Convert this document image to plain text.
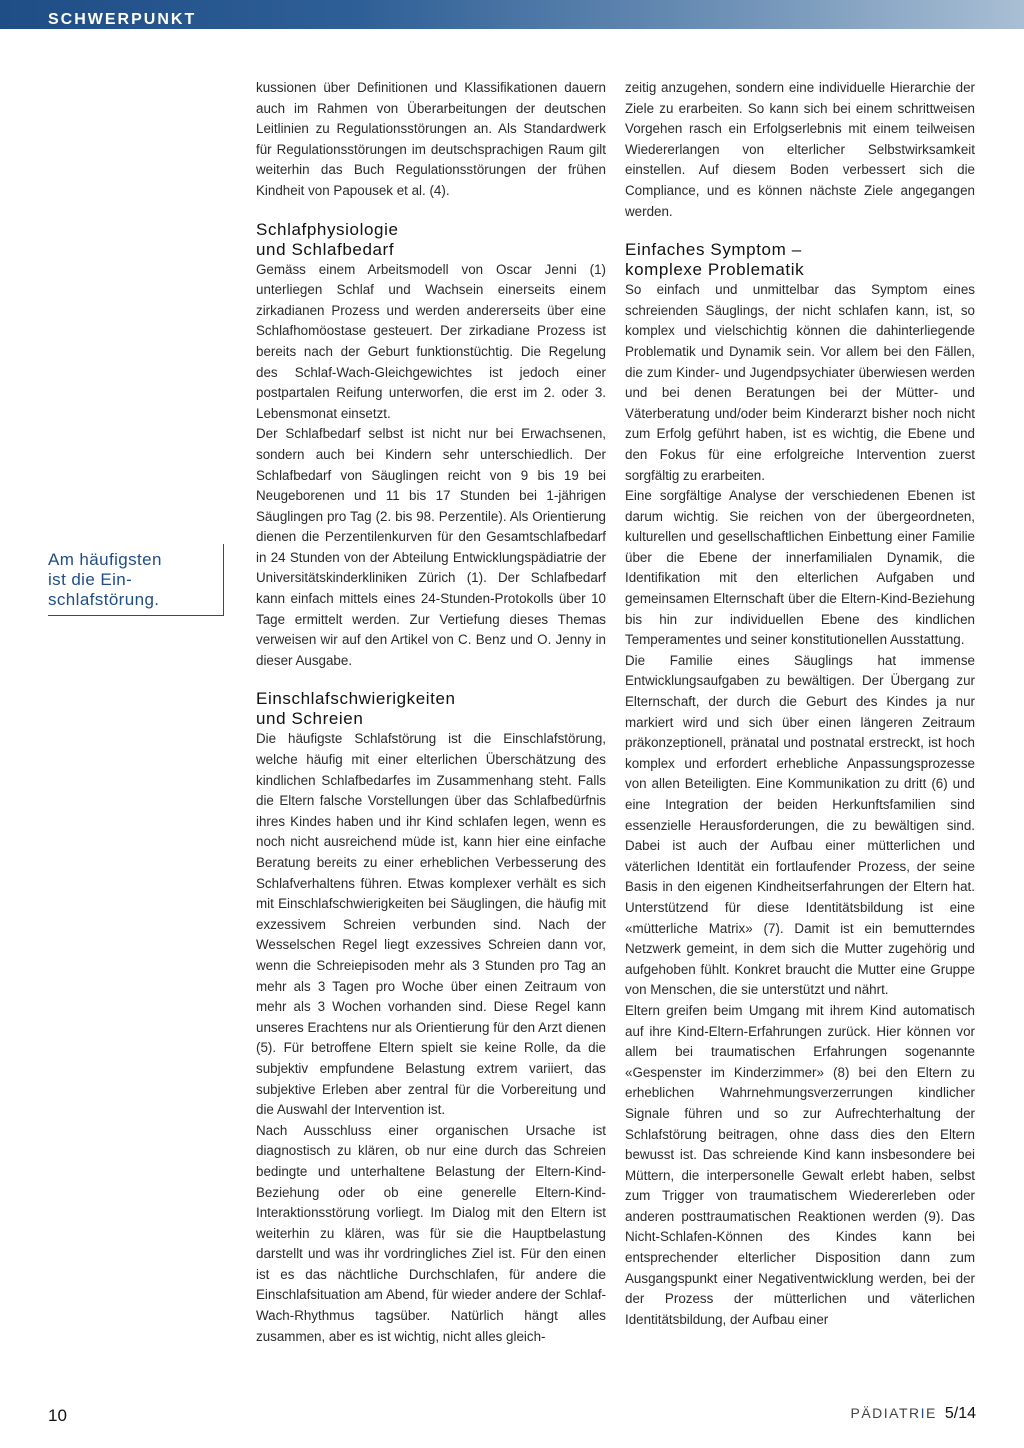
SCHWERPUNKT
Am häufigsten
ist die Ein-
schlafstörung.

kussionen über Definitionen und Klassifikationen dauern auch im Rahmen von Überarbeitungen der deutschen Leitlinien zu Regulationsstörungen an. Als Standardwerk für Regulationsstörungen im deutschsprachigen Raum gilt weiterhin das Buch Regulationsstörungen der frühen Kindheit von Papousek et al. (4).

Schlafphysiologie
und Schlafbedarf

Gemäss einem Arbeitsmodell von Oscar Jenni (1) unterliegen Schlaf und Wachsein einerseits einem zirkadianen Prozess und werden andererseits über eine Schlafhomöostase gesteuert. Der zirkadiane Prozess ist bereits nach der Geburt funktionstüchtig. Die Regelung des Schlaf-Wach-Gleichgewichtes ist jedoch einer postpartalen Reifung unterworfen, die erst im 2. oder 3. Lebensmonat einsetzt.

Der Schlafbedarf selbst ist nicht nur bei Erwachsenen, sondern auch bei Kindern sehr unterschiedlich. Der Schlafbedarf von Säuglingen reicht von 9 bis 19 bei Neugeborenen und 11 bis 17 Stunden bei 1-jährigen Säuglingen pro Tag (2. bis 98. Perzentile). Als Orientierung dienen die Perzentilenkurven für den Gesamtschlafbedarf in 24 Stunden von der Abteilung Entwicklungspädiatrie der Universitätskinderkliniken Zürich (1). Der Schlafbedarf kann einfach mittels eines 24-Stunden-Protokolls über 10 Tage ermittelt werden. Zur Vertiefung dieses Themas verweisen wir auf den Artikel von C. Benz und O. Jenny in dieser Ausgabe.

Einschlafschwierigkeiten
und Schreien

Die häufigste Schlafstörung ist die Einschlafstörung, welche häufig mit einer elterlichen Überschätzung des kindlichen Schlafbedarfes im Zusammenhang steht. Falls die Eltern falsche Vorstellungen über das Schlafbedürfnis ihres Kindes haben und ihr Kind schlafen legen, wenn es noch nicht ausreichend müde ist, kann hier eine einfache Beratung bereits zu einer erheblichen Verbesserung des Schlafverhaltens führen. Etwas komplexer verhält es sich mit Einschlafschwierigkeiten bei Säuglingen, die häufig mit exzessivem Schreien verbunden sind. Nach der Wesselschen Regel liegt exzessives Schreien dann vor, wenn die Schreiepisoden mehr als 3 Stunden pro Tag an mehr als 3 Tagen pro Woche über einen Zeitraum von mehr als 3 Wochen vorhanden sind. Diese Regel kann unseres Erachtens nur als Orientierung für den Arzt dienen (5). Für betroffene Eltern spielt sie keine Rolle, da die subjektiv empfundene Belastung extrem variiert, das subjektive Erleben aber zentral für die Vorbereitung und die Auswahl der Intervention ist.

Nach Ausschluss einer organischen Ursache ist diagnostisch zu klären, ob nur eine durch das Schreien bedingte und unterhaltene Belastung der Eltern-Kind-Beziehung oder ob eine generelle Eltern-Kind-Interaktionsstörung vorliegt. Im Dialog mit den Eltern ist weiterhin zu klären, was für sie die Hauptbelastung darstellt und was ihr vordringliches Ziel ist. Für den einen ist es das nächtliche Durchschlafen, für andere die Einschlafsituation am Abend, für wieder andere der Schlaf-Wach-Rhythmus tagsüber. Natürlich hängt alles zusammen, aber es ist wichtig, nicht alles gleich-

zeitig anzugehen, sondern eine individuelle Hierarchie der Ziele zu erarbeiten. So kann sich bei einem schrittweisen Vorgehen rasch ein Erfolgserlebnis mit einem teilweisen Wiedererlangen von elterlicher Selbstwirksamkeit einstellen. Auf diesem Boden verbessert sich die Compliance, und es können nächste Ziele angegangen werden.

Einfaches Symptom –
komplexe Problematik

So einfach und unmittelbar das Symptom eines schreienden Säuglings, der nicht schlafen kann, ist, so komplex und vielschichtig können die dahinterliegende Problematik und Dynamik sein. Vor allem bei den Fällen, die zum Kinder- und Jugendpsychiater überwiesen werden und bei denen Beratungen bei der Mütter- und Väterberatung und/oder beim Kinderarzt bisher noch nicht zum Erfolg geführt haben, ist es wichtig, die Ebene und den Fokus für eine erfolgreiche Intervention zuerst sorgfältig zu erarbeiten.

Eine sorgfältige Analyse der verschiedenen Ebenen ist darum wichtig. Sie reichen von der übergeordneten, kulturellen und gesellschaftlichen Einbettung einer Familie über die Ebene der innerfamilialen Dynamik, die Identifikation mit den elterlichen Aufgaben und gemeinsamen Elternschaft über die Eltern-Kind-Beziehung bis hin zur individuellen Ebene des kindlichen Temperamentes und seiner konstitutionellen Ausstattung.

Die Familie eines Säuglings hat immense Entwicklungsaufgaben zu bewältigen. Der Übergang zur Elternschaft, der durch die Geburt des Kindes ja nur markiert wird und sich über einen längeren Zeitraum präkonzeptionell, pränatal und postnatal erstreckt, ist hoch komplex und erfordert erhebliche Anpassungsprozesse von allen Beteiligten. Eine Kommunikation zu dritt (6) und eine Integration der beiden Herkunftsfamilien sind essenzielle Herausforderungen, die zu bewältigen sind. Dabei ist auch der Aufbau einer mütterlichen und väterlichen Identität ein fortlaufender Prozess, der seine Basis in den eigenen Kindheitserfahrungen der Eltern hat. Unterstützend für diese Identitätsbildung ist eine «mütterliche Matrix» (7). Damit ist ein bemutterndes Netzwerk gemeint, in dem sich die Mutter zugehörig und aufgehoben fühlt. Konkret braucht die Mutter eine Gruppe von Menschen, die sie unterstützt und nährt.

Eltern greifen beim Umgang mit ihrem Kind automatisch auf ihre Kind-Eltern-Erfahrungen zurück. Hier können vor allem bei traumatischen Erfahrungen sogenannte «Gespenster im Kinderzimmer» (8) bei den Eltern zu erheblichen Wahrnehmungsverzerrungen kindlicher Signale führen und so zur Aufrechterhaltung der Schlafstörung beitragen, ohne dass dies den Eltern bewusst ist. Das schreiende Kind kann insbesondere bei Müttern, die interpersonelle Gewalt erlebt haben, selbst zum Trigger von traumatischem Wiedererleben oder anderen posttraumatischen Reaktionen werden (9). Das Nicht-Schlafen-Können des Kindes kann bei entsprechender elterlicher Disposition dann zum Ausgangspunkt einer Negativentwicklung werden, bei der der Prozess der mütterlichen und väterlichen Identitätsbildung, der Aufbau einer

10	PÄDIATRIE 5/14
